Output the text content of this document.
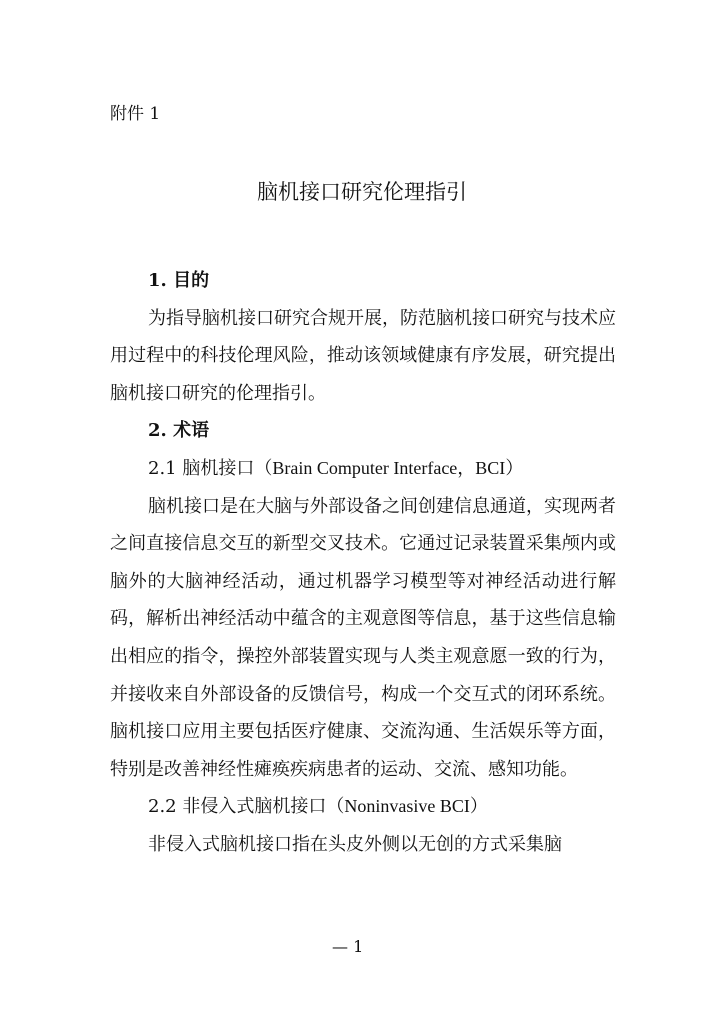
附件 1
脑机接口研究伦理指引

1. 目的

为指导脑机接口研究合规开展，防范脑机接口研究与技术应用过程中的科技伦理风险，推动该领域健康有序发展，研究提出脑机接口研究的伦理指引。

2. 术语

2.1 脑机接口（Brain Computer Interface，BCI）

脑机接口是在大脑与外部设备之间创建信息通道，实现两者之间直接信息交互的新型交叉技术。它通过记录装置采集颅内或脑外的大脑神经活动，通过机器学习模型等对神经活动进行解码，解析出神经活动中蕴含的主观意图等信息，基于这些信息输出相应的指令，操控外部装置实现与人类主观意愿一致的行为，并接收来自外部设备的反馈信号，构成一个交互式的闭环系统。脑机接口应用主要包括医疗健康、交流沟通、生活娱乐等方面，特别是改善神经性瘫痪疾病患者的运动、交流、感知功能。

2.2 非侵入式脑机接口（Noninvasive BCI）

非侵入式脑机接口指在头皮外侧以无创的方式采集脑

— 1
